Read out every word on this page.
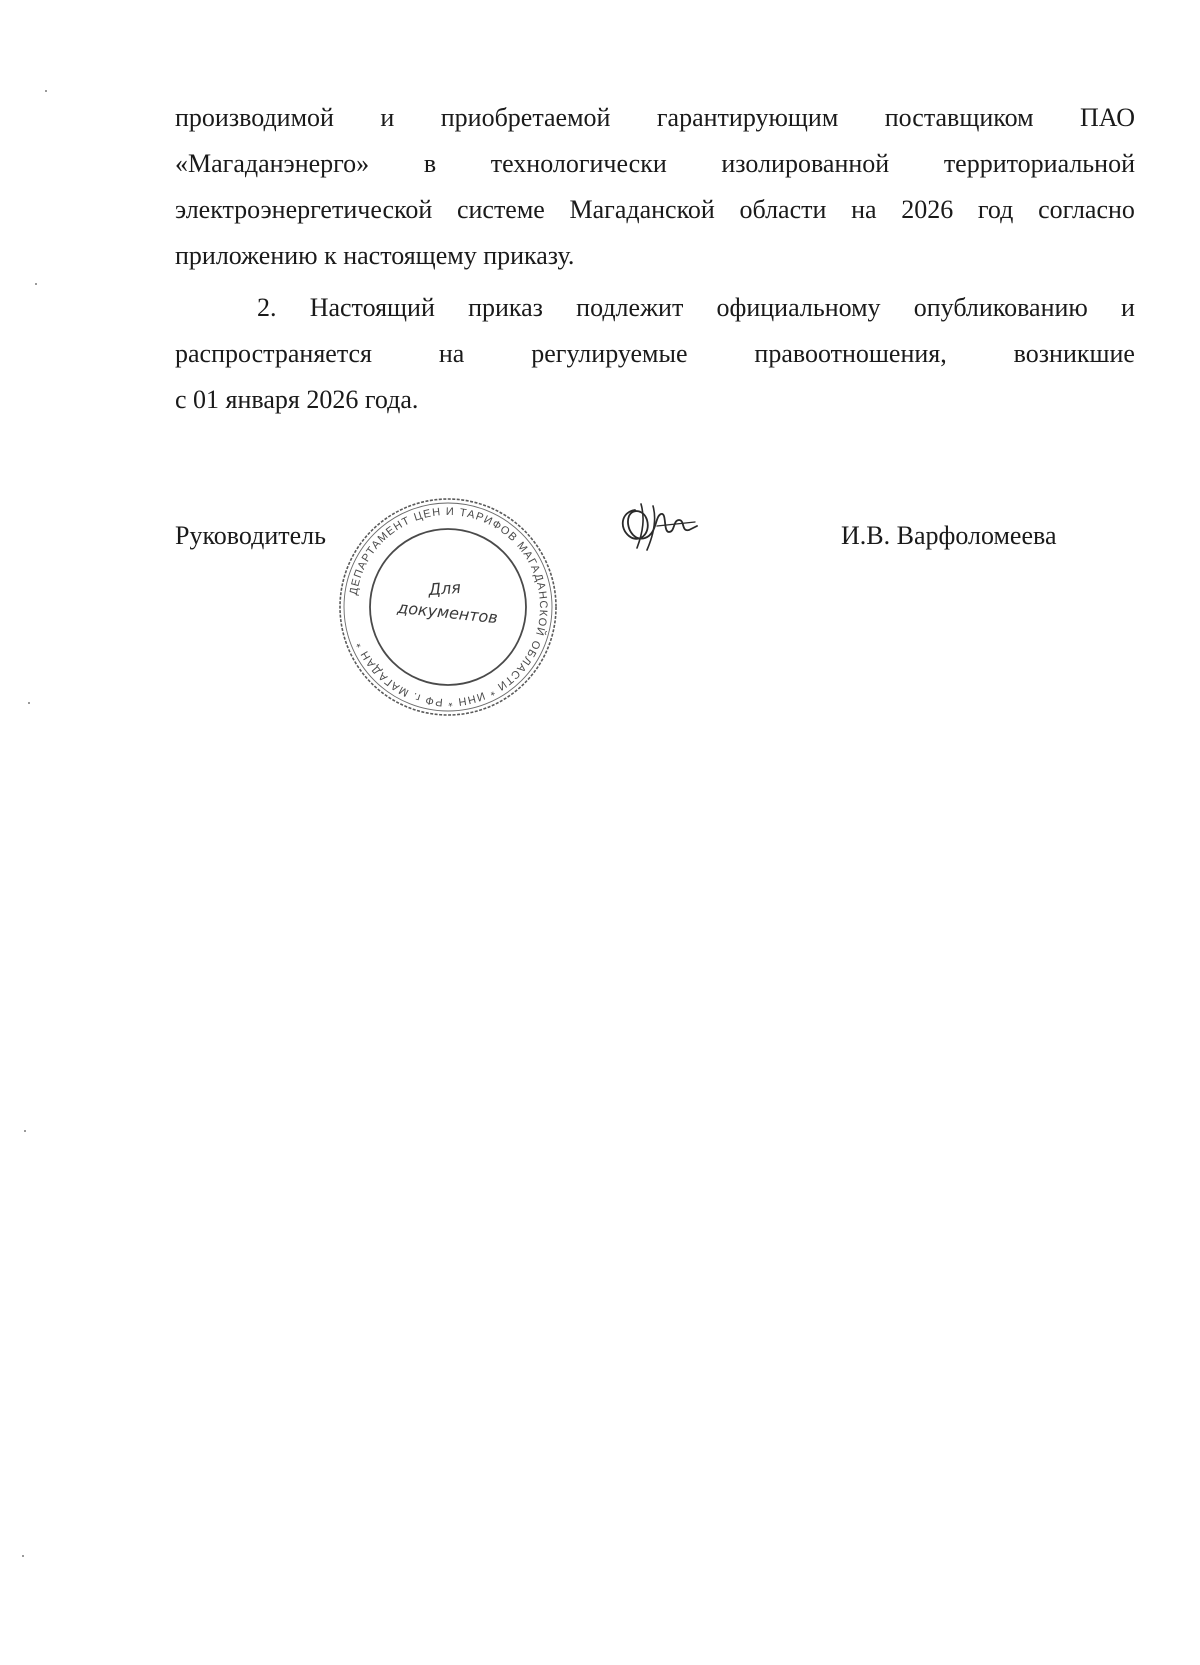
производимой и приобретаемой гарантирующим поставщиком ПАО
«Магаданэнерго» в технологически изолированной территориальной
электроэнергетической системе Магаданской области на 2026 год согласно
приложению к настоящему приказу.
2. Настоящий приказ подлежит официальному опубликованию и
распространяется	на	регулируемые	правоотношения,	возникшие
с 01 января 2026 года.
Руководитель	И.В. Варфоломеева
ДЕПАРТАМЕНТ ЦЕН И ТАРИФОВ МАГАДАНСКОЙ ОБЛАСТИ * ИНН * РФ г. МАГАДАН *
Для
документов
